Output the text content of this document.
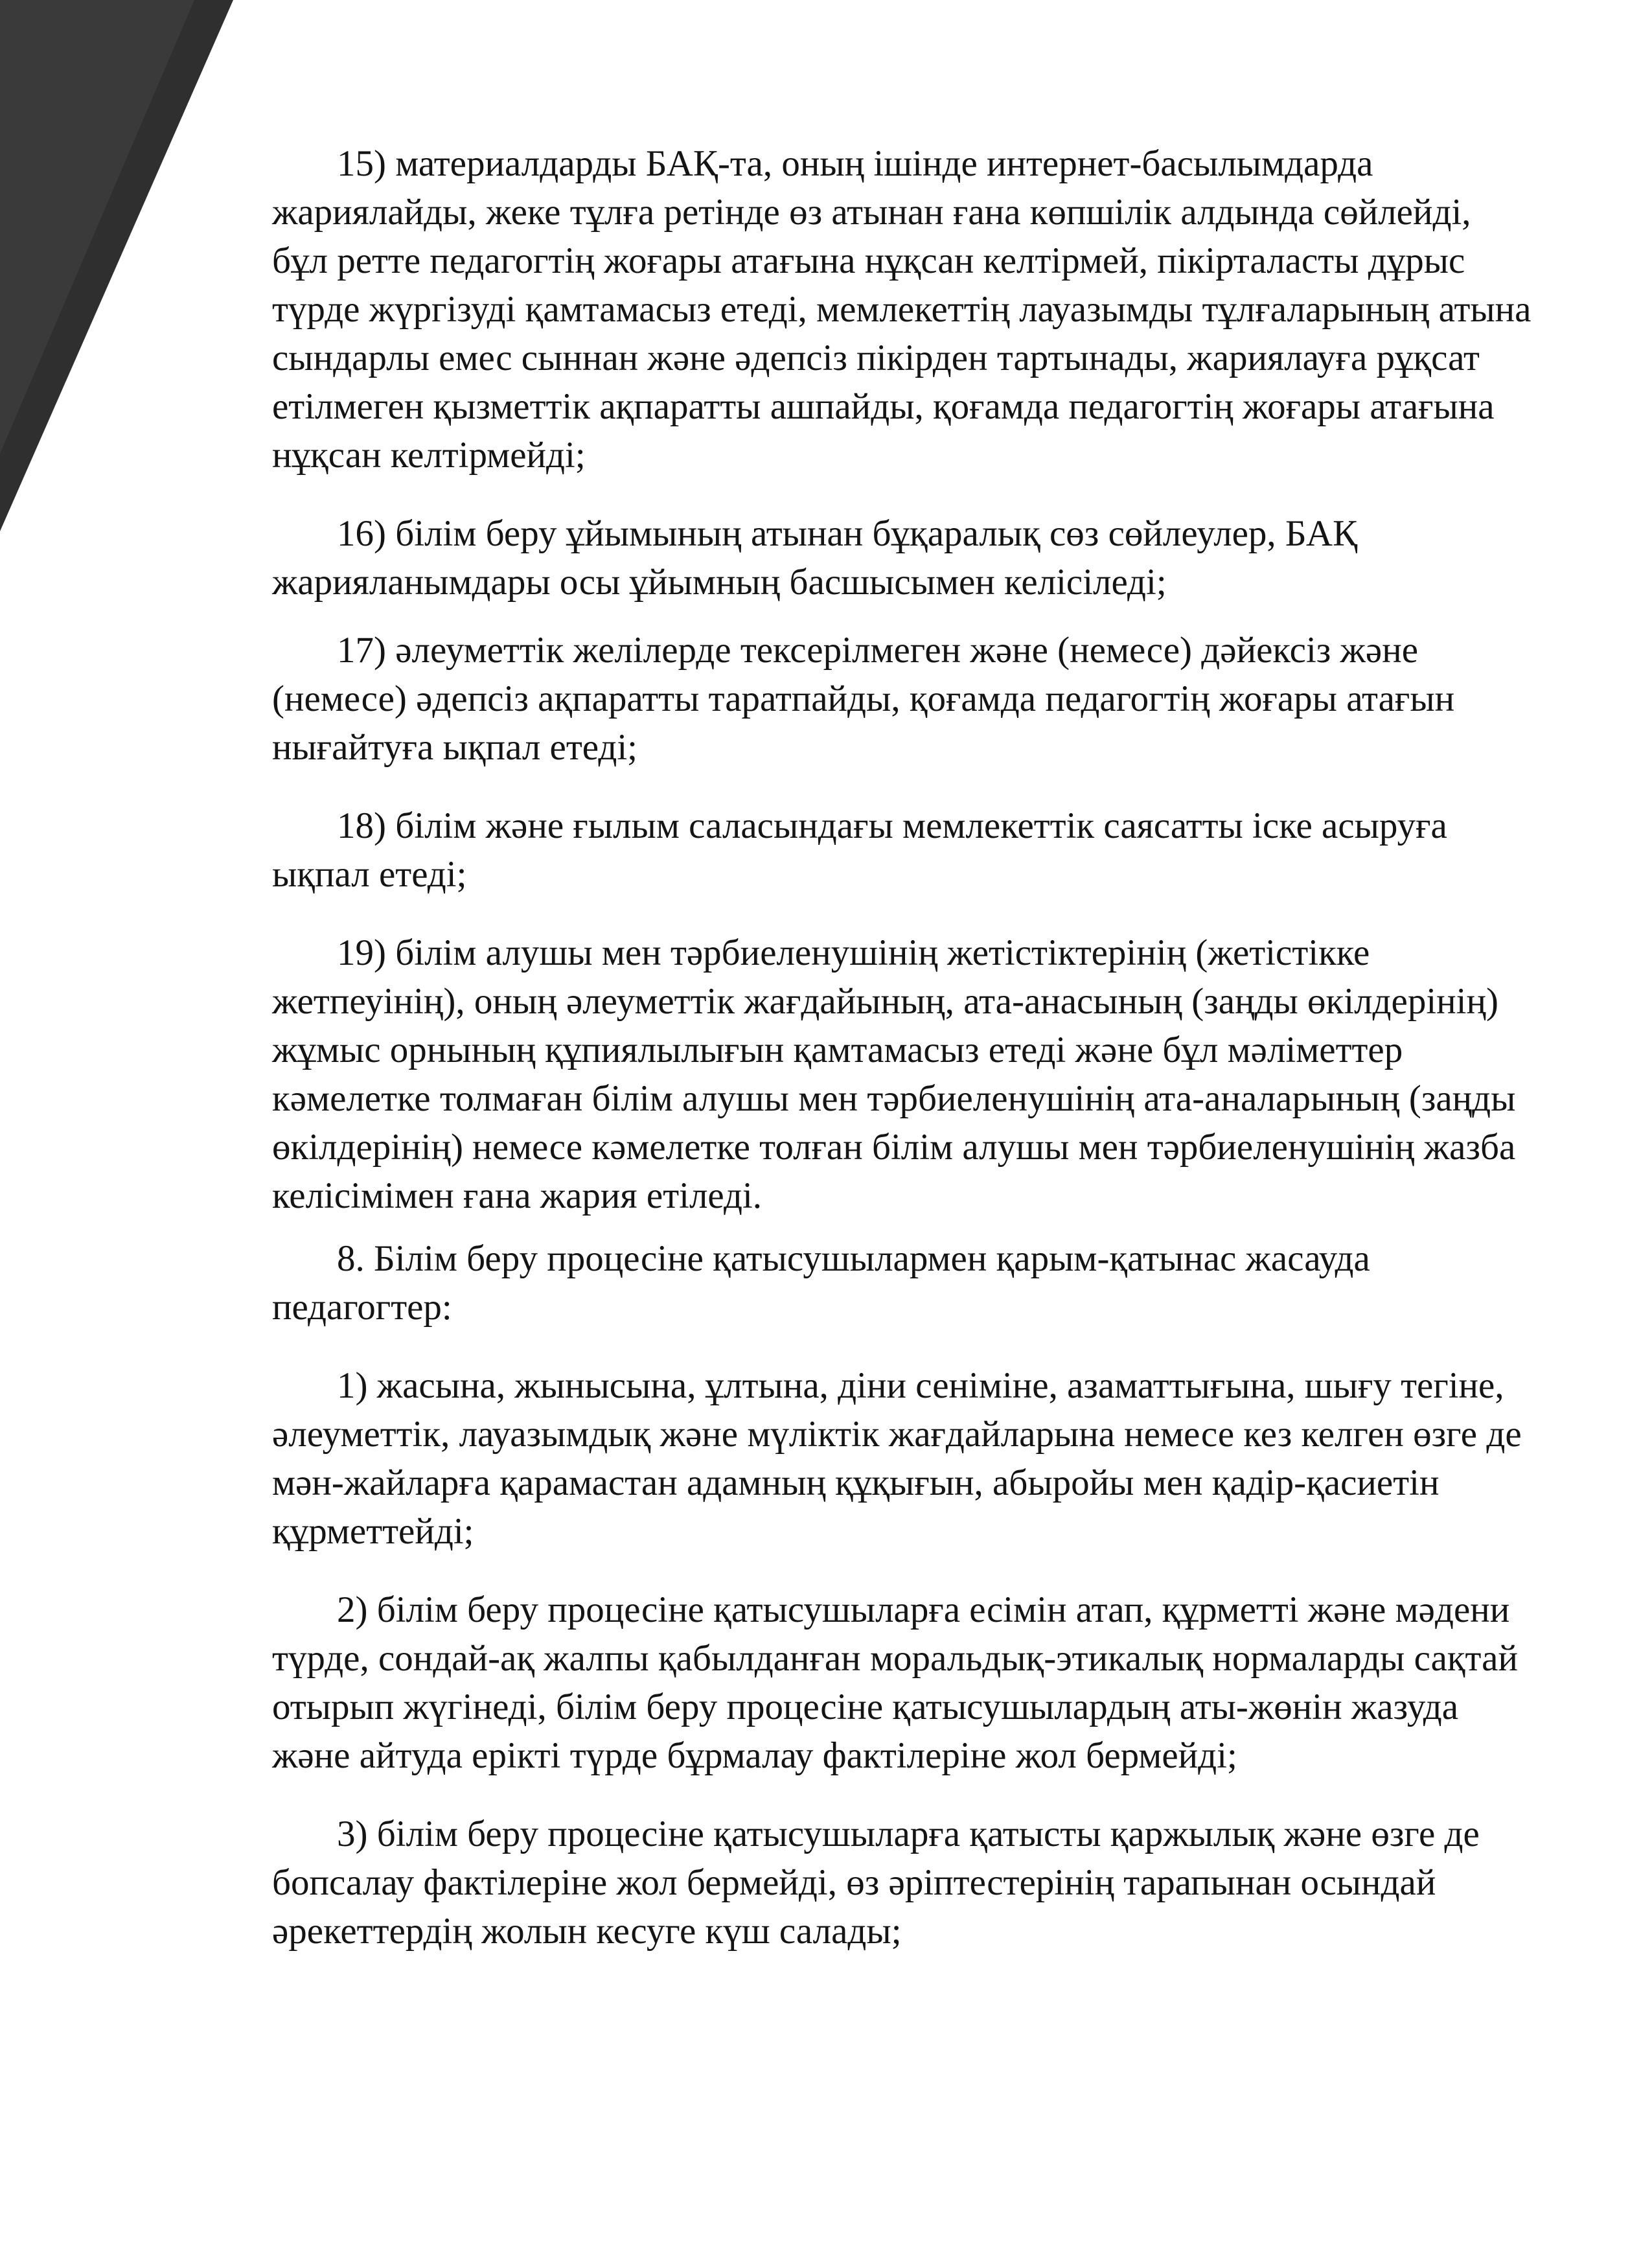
15) материалдарды БАҚ-та, оның ішінде интернет-басылымдарда жариялайды, жеке тұлға ретінде өз атынан ғана көпшілік алдында сөйлейді, бұл ретте педагогтің жоғары атағына нұқсан келтірмей, пікірталасты дұрыс түрде жүргізуді қамтамасыз етеді, мемлекеттің лауазымды тұлғаларының атына сындарлы емес сыннан және әдепсіз пікірден тартынады, жариялауға рұқсат етілмеген қызметтік ақпаратты ашпайды, қоғамда педагогтің жоғары атағына нұқсан келтірмейді;

16) білім беру ұйымының атынан бұқаралық сөз сөйлеулер, БАҚ жарияланымдары осы ұйымның басшысымен келісіледі;

17) әлеуметтік желілерде тексерілмеген және (немесе) дәйексіз және (немесе) әдепсіз ақпаратты таратпайды, қоғамда педагогтің жоғары атағын нығайтуға ықпал етеді;

18) білім және ғылым саласындағы мемлекеттік саясатты іске асыруға ықпал етеді;

19) білім алушы мен тәрбиеленушінің жетістіктерінің (жетістікке жетпеуінің), оның әлеуметтік жағдайының, ата-анасының (заңды өкілдерінің) жұмыс орнының құпиялылығын қамтамасыз етеді және бұл мәліметтер кәмелетке толмаған білім алушы мен тәрбиеленушінің ата-аналарының (заңды өкілдерінің) немесе кәмелетке толған білім алушы мен тәрбиеленушінің жазба келісімімен ғана жария етіледі.

8. Білім беру процесіне қатысушылармен қарым-қатынас жасауда педагогтер:

1) жасына, жынысына, ұлтына, діни сеніміне, азаматтығына, шығу тегіне, әлеуметтік, лауазымдық және мүліктік жағдайларына немесе кез келген өзге де мән-жайларға қарамастан адамның құқығын, абыройы мен қадір-қасиетін құрметтейді;

2) білім беру процесіне қатысушыларға есімін атап, құрметті және мәдени түрде, сондай-ақ жалпы қабылданған моральдық-этикалық нормаларды сақтай отырып жүгінеді, білім беру процесіне қатысушылардың аты-жөнін жазуда және айтуда ерікті түрде бұрмалау фактілеріне жол бермейді;

3) білім беру процесіне қатысушыларға қатысты қаржылық және өзге де бопсалау фактілеріне жол бермейді, өз әріптестерінің тарапынан осындай әрекеттердің жолын кесуге күш салады;
